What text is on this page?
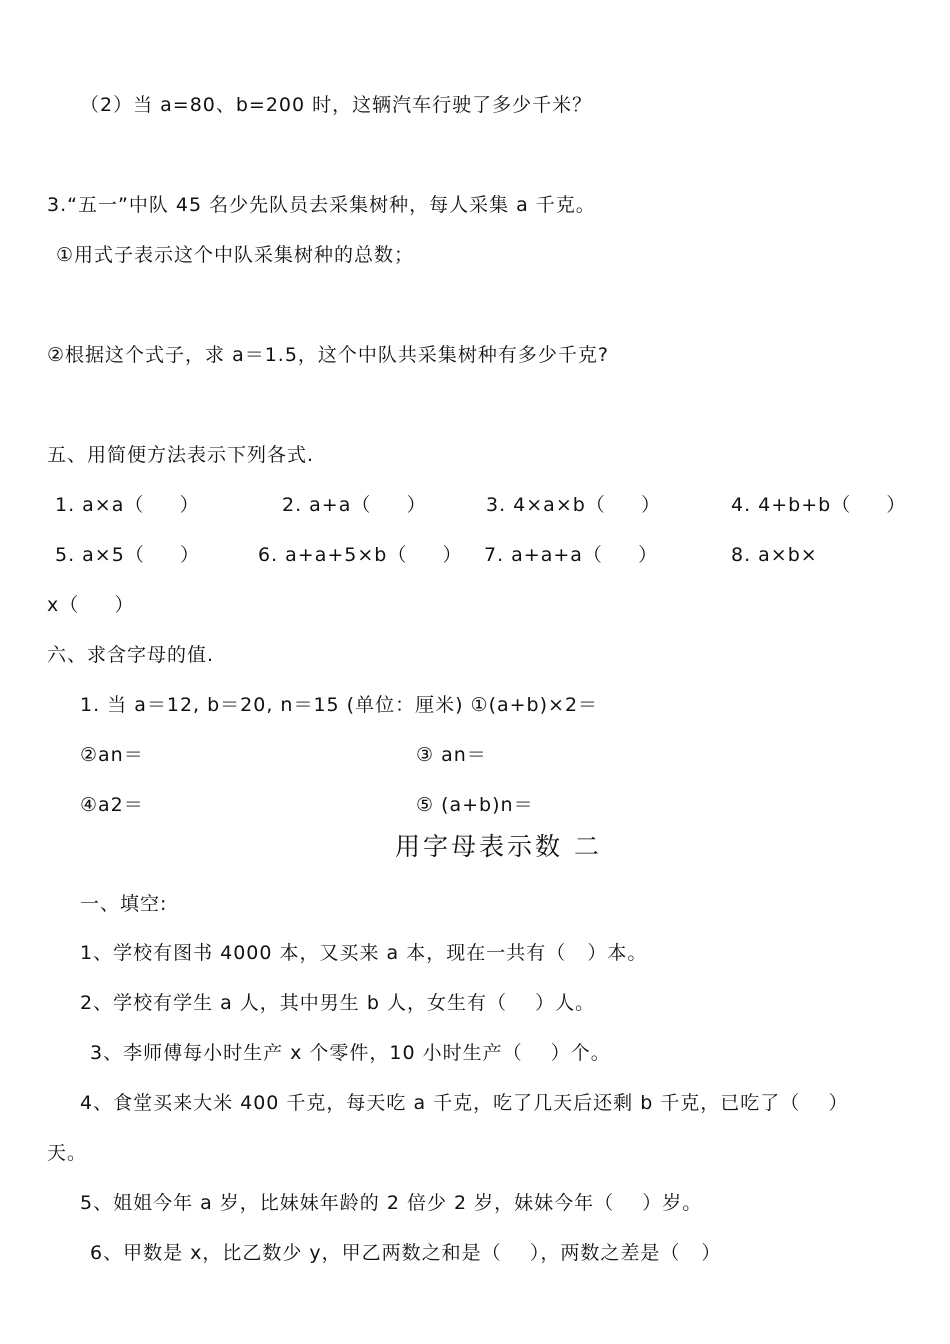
（2）当 a=80、b=200 时，这辆汽车行驶了多少千米？
3.“五一”中队 45 名少先队员去采集树种，每人采集 a 千克。
①用式子表示这个中队采集树种的总数；
②根据这个式子，求 a＝1.5，这个中队共采集树种有多少千克?
五、用简便方法表示下列各式.
1. a×a（     ）	2. a+a（     ）	3. 4×a×b（     ）	4. 4+b+b（     ）
5. a×5（     ）	6. a+a+5×b（     ） 7. a+a+a（     ）	8. a×b×
x（     ）
六、求含字母的值.
1. 当 a＝12, b＝20, n＝15 (单位：厘米) ①(a+b)×2＝
②an＝	③ an＝
④a2＝	⑤ (a+b)n＝
用字母表示数 二
一、填空:
1、学校有图书 4000 本，又买来 a 本，现在一共有（   ）本。
2、学校有学生 a 人，其中男生 b 人，女生有（    ）人。
3、李师傅每小时生产 x 个零件，10 小时生产（    ）个。
4、食堂买来大米 400 千克，每天吃 a 千克，吃了几天后还剩 b 千克，已吃了（    ）
天。
5、姐姐今年 a 岁，比妹妹年龄的 2 倍少 2 岁，妹妹今年（    ）岁。
6、甲数是 x，比乙数少 y，甲乙两数之和是（    ），两数之差是（   ）
